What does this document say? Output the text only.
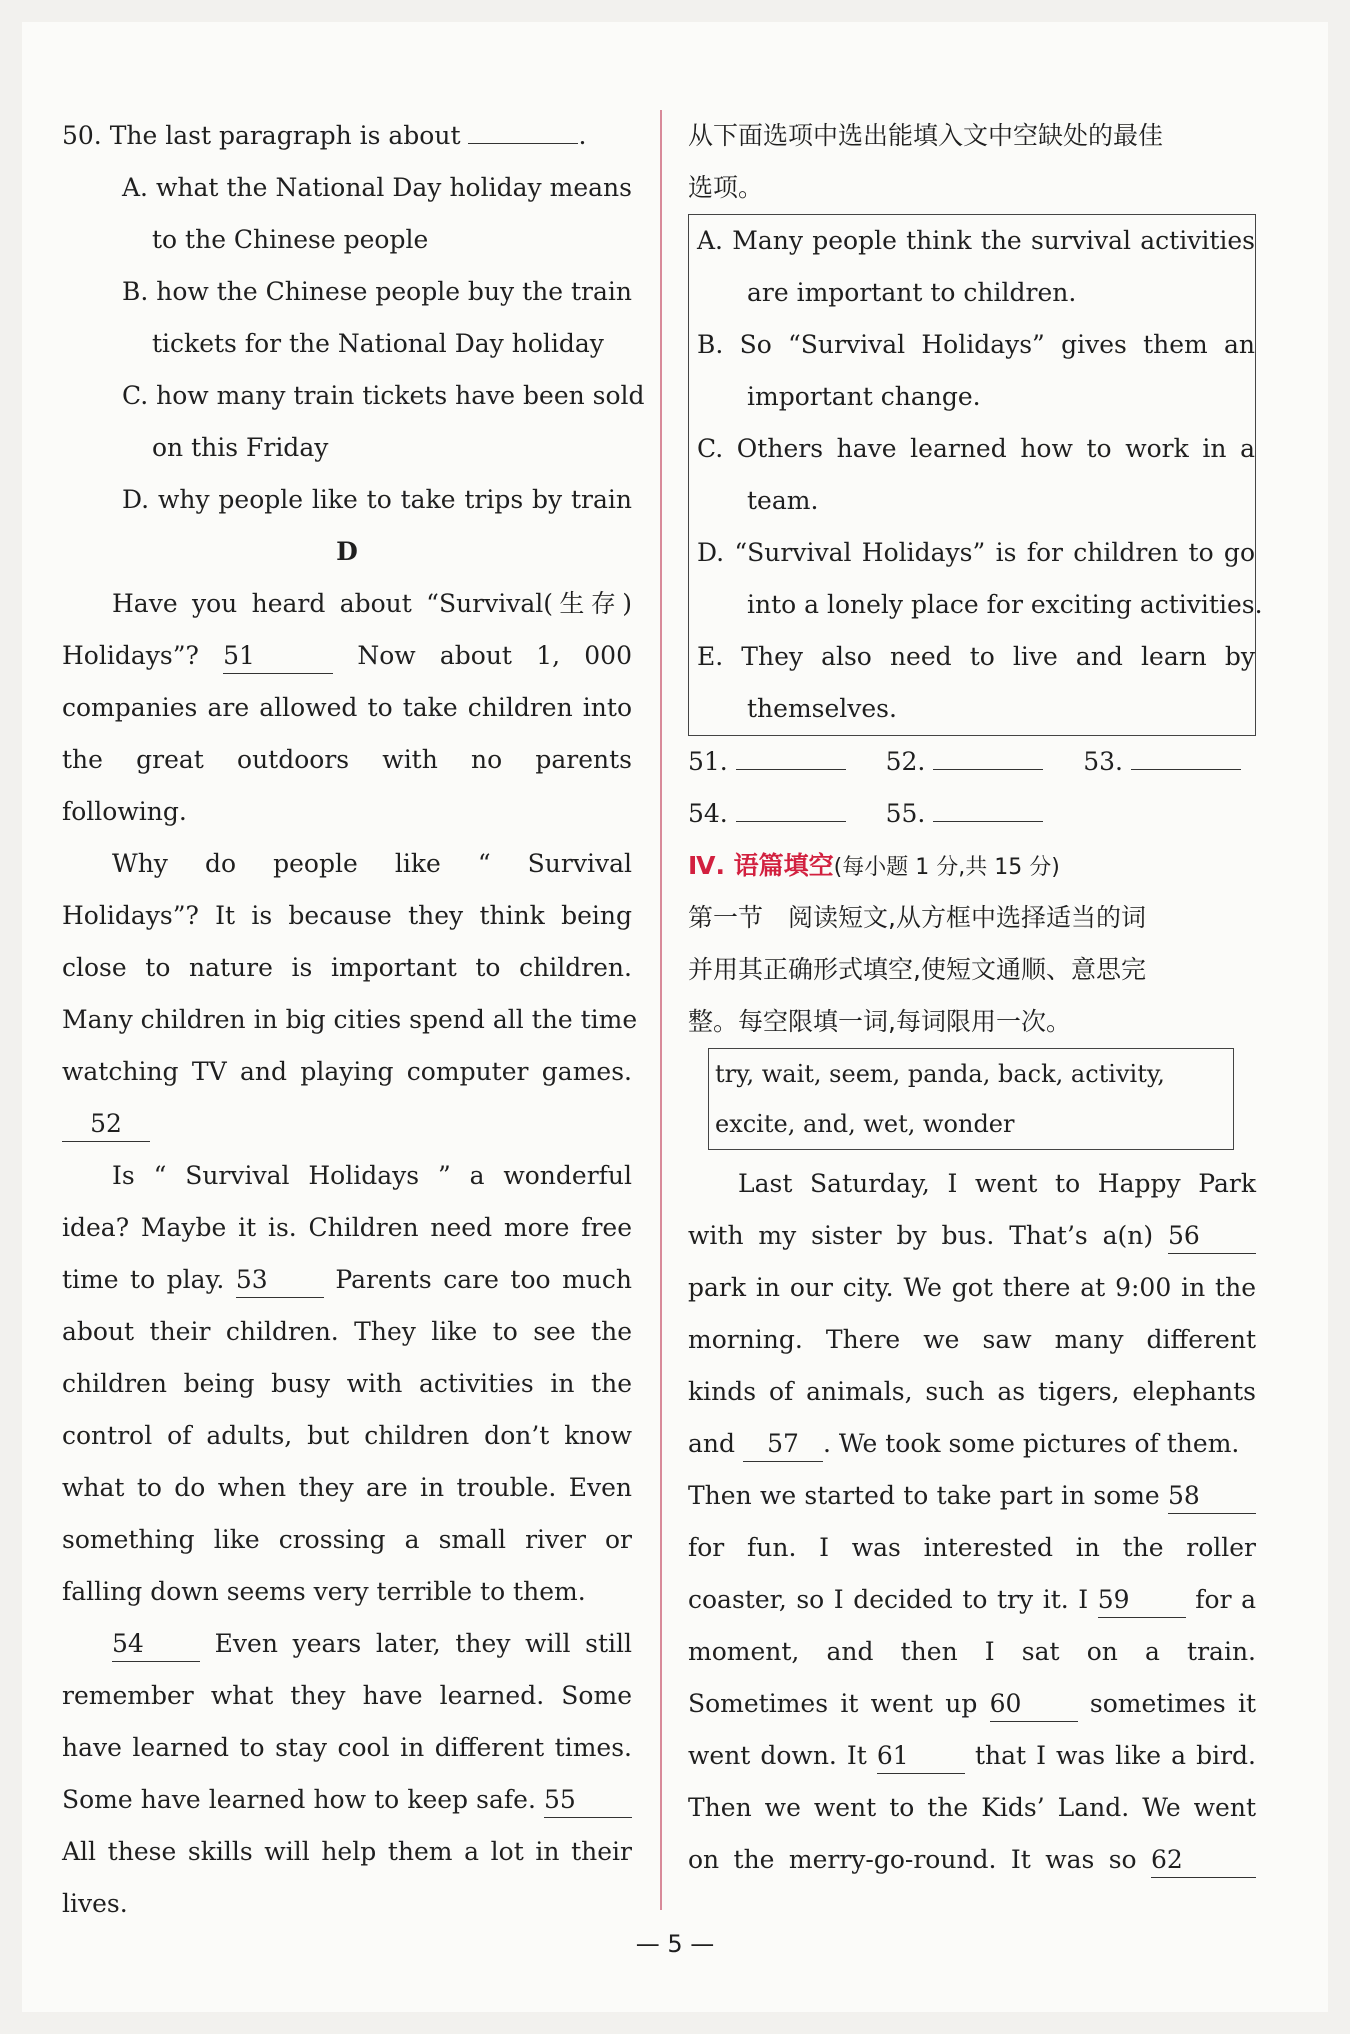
50. The last paragraph is about	.
A. what the National Day holiday means
to the Chinese people
B. how the Chinese people buy the train
tickets for the National Day holiday
C. how many train tickets have been sold
on this Friday
D. why people like to take trips by train
D
Have you heard about “Survival(生存)
Holidays”? 51	Now about 1, 000
companies are allowed to take children into
the great outdoors with no parents
following.
Why do people like “ Survival
Holidays”? It is because they think being
close to nature is important to children.
Many children in big cities spend all the time
watching TV and playing computer games.
52
Is “ Survival Holidays ” a wonderful
idea? Maybe it is. Children need more free
time to play. 53	Parents care too much
about their children. They like to see the
children being busy with activities in the
control of adults, but children don’t know
what to do when they are in trouble. Even
something like crossing a small river or
falling down seems very terrible to them.
54	Even years later, they will still
remember what they have learned. Some
have learned to stay cool in different times.
Some have learned how to keep safe. 55
All these skills will help them a lot in their
lives.
从下面选项中选出能填入文中空缺处的最佳
选项。
A. Many people think the survival activities
are important to children.
B. So “Survival Holidays” gives them an
important change.
C. Others have learned how to work in a
team.
D. “Survival Holidays” is for children to go
into a lonely place for exciting activities.
E. They also need to live and learn by
themselves.
51.	52.	53.
54.	55.
Ⅳ. 语篇填空(每小题 1 分,共 15 分)
第一节　阅读短文,从方框中选择适当的词
并用其正确形式填空,使短文通顺、意思完
整。每空限填一词,每词限用一次。
try, wait, seem, panda, back, activity,
excite, and, wet, wonder
Last Saturday, I went to Happy Park
with my sister by bus. That’s a(n) 56
park in our city. We got there at 9:00 in the
morning. There we saw many different
kinds of animals, such as tigers, elephants
and 57 . We took some pictures of them.
Then we started to take part in some 58
for fun. I was interested in the roller
coaster, so I decided to try it. I 59	for a
moment, and then I sat on a train.
Sometimes it went up 60	sometimes it
went down. It 61	that I was like a bird.
Then we went to the Kids’ Land. We went
on the merry-go-round. It was so 62
— 5 —
